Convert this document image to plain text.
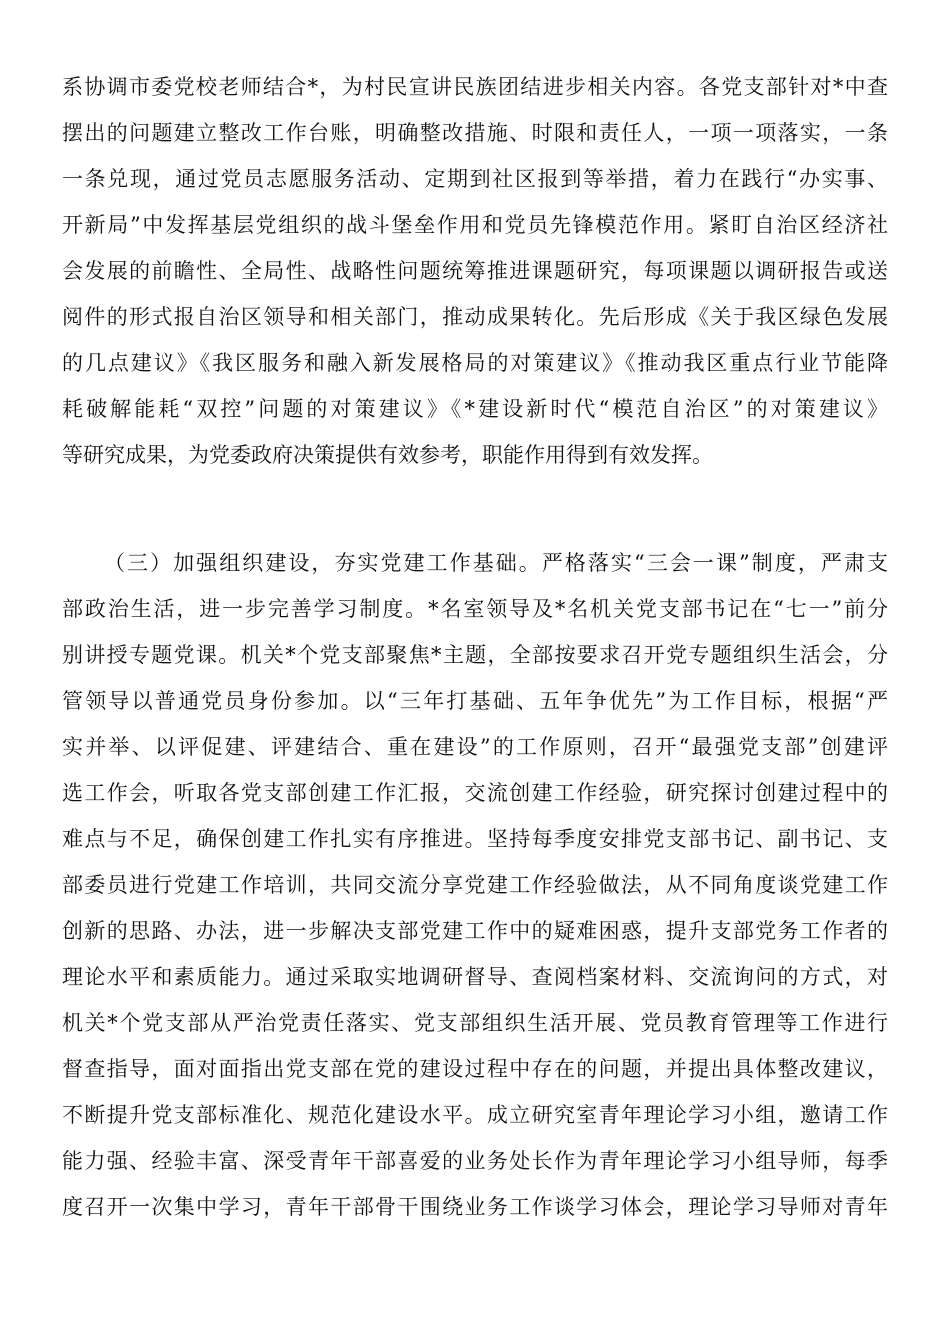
系协调市委党校老师结合*，为村民宣讲民族团结进步相关内容。各党支部针对*中查
摆出的问题建立整改工作台账，明确整改措施、时限和责任人，一项一项落实，一条
一条兑现，通过党员志愿服务活动、定期到社区报到等举措，着力在践行“办实事、
开新局”中发挥基层党组织的战斗堡垒作用和党员先锋模范作用。紧盯自治区经济社
会发展的前瞻性、全局性、战略性问题统筹推进课题研究，每项课题以调研报告或送
阅件的形式报自治区领导和相关部门，推动成果转化。先后形成《关于我区绿色发展
的几点建议》《我区服务和融入新发展格局的对策建议》《推动我区重点行业节能降
耗破解能耗“双控”问题的对策建议》《*建设新时代“模范自治区”的对策建议》
等研究成果，为党委政府决策提供有效参考，职能作用得到有效发挥。
（三）加强组织建设，夯实党建工作基础。严格落实“三会一课”制度，严肃支
部政治生活，进一步完善学习制度。*名室领导及*名机关党支部书记在“七一”前分
别讲授专题党课。机关*个党支部聚焦*主题，全部按要求召开党专题组织生活会，分
管领导以普通党员身份参加。以“三年打基础、五年争优先”为工作目标，根据“严
实并举、以评促建、评建结合、重在建设”的工作原则，召开“最强党支部”创建评
选工作会，听取各党支部创建工作汇报，交流创建工作经验，研究探讨创建过程中的
难点与不足，确保创建工作扎实有序推进。坚持每季度安排党支部书记、副书记、支
部委员进行党建工作培训，共同交流分享党建工作经验做法，从不同角度谈党建工作
创新的思路、办法，进一步解决支部党建工作中的疑难困惑，提升支部党务工作者的
理论水平和素质能力。通过采取实地调研督导、查阅档案材料、交流询问的方式，对
机关*个党支部从严治党责任落实、党支部组织生活开展、党员教育管理等工作进行
督查指导，面对面指出党支部在党的建设过程中存在的问题，并提出具体整改建议，
不断提升党支部标准化、规范化建设水平。成立研究室青年理论学习小组，邀请工作
能力强、经验丰富、深受青年干部喜爱的业务处长作为青年理论学习小组导师，每季
度召开一次集中学习，青年干部骨干围绕业务工作谈学习体会，理论学习导师对青年
